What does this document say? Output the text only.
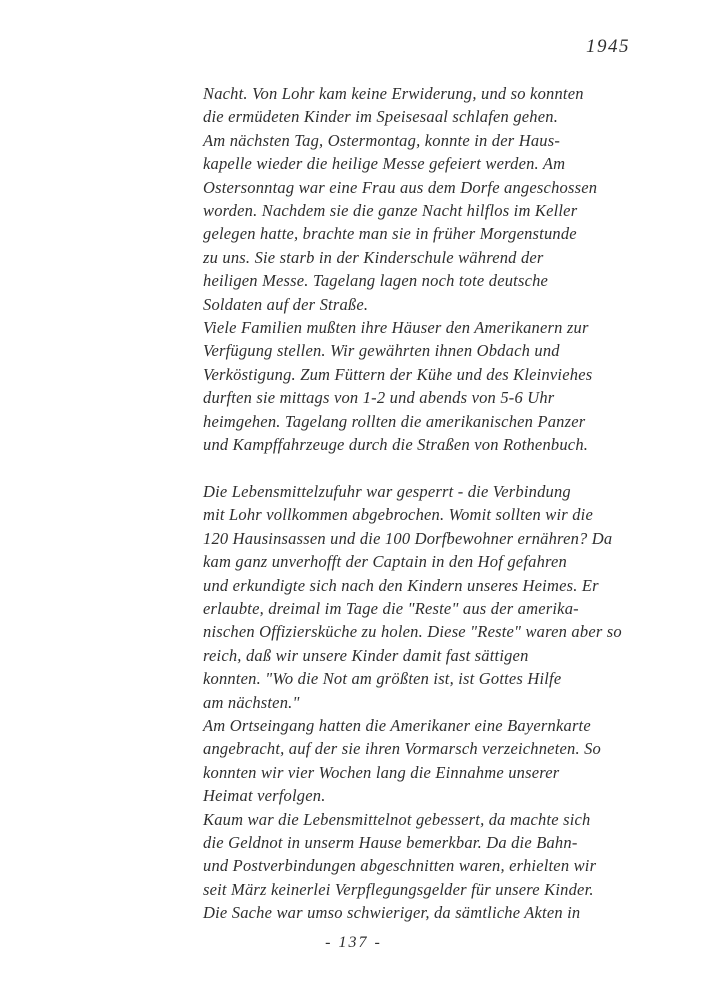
1945
Nacht. Von Lohr kam keine Erwiderung, und so konnten
die ermüdeten Kinder im Speisesaal schlafen gehen.
Am nächsten Tag, Ostermontag, konnte in der Haus-
kapelle wieder die heilige Messe gefeiert werden. Am
Ostersonntag war eine Frau aus dem Dorfe angeschossen
worden. Nachdem sie die ganze Nacht hilflos im Keller
gelegen hatte, brachte man sie in früher Morgenstunde
zu uns. Sie starb in der Kinderschule während der
heiligen Messe. Tagelang lagen noch tote deutsche
Soldaten auf der Straße.
Viele Familien mußten ihre Häuser den Amerikanern zur
Verfügung stellen. Wir gewährten ihnen Obdach und
Verköstigung. Zum Füttern der Kühe und des Kleinviehes
durften sie mittags von 1-2 und abends von 5-6 Uhr
heimgehen. Tagelang rollten die amerikanischen Panzer
und Kampffahrzeuge durch die Straßen von Rothenbuch.
Die Lebensmittelzufuhr war gesperrt - die Verbindung
mit Lohr vollkommen abgebrochen. Womit sollten wir die
120 Hausinsassen und die 100 Dorfbewohner ernähren? Da
kam ganz unverhofft der Captain in den Hof gefahren
und erkundigte sich nach den Kindern unseres Heimes. Er
erlaubte, dreimal im Tage die "Reste" aus der amerika-
nischen Offiziersküche zu holen. Diese "Reste" waren aber so
reich, daß wir unsere Kinder damit fast sättigen
konnten. "Wo die Not am größten ist, ist Gottes Hilfe
am nächsten."
Am Ortseingang hatten die Amerikaner eine Bayernkarte
angebracht, auf der sie ihren Vormarsch verzeichneten. So
konnten wir vier Wochen lang die Einnahme unserer
Heimat verfolgen.
Kaum war die Lebensmittelnot gebessert, da machte sich
die Geldnot in unserm Hause bemerkbar. Da die Bahn-
und Postverbindungen abgeschnitten waren, erhielten wir
seit März keinerlei Verpflegungsgelder für unsere Kinder.
Die Sache war umso schwieriger, da sämtliche Akten in
- 137 -
